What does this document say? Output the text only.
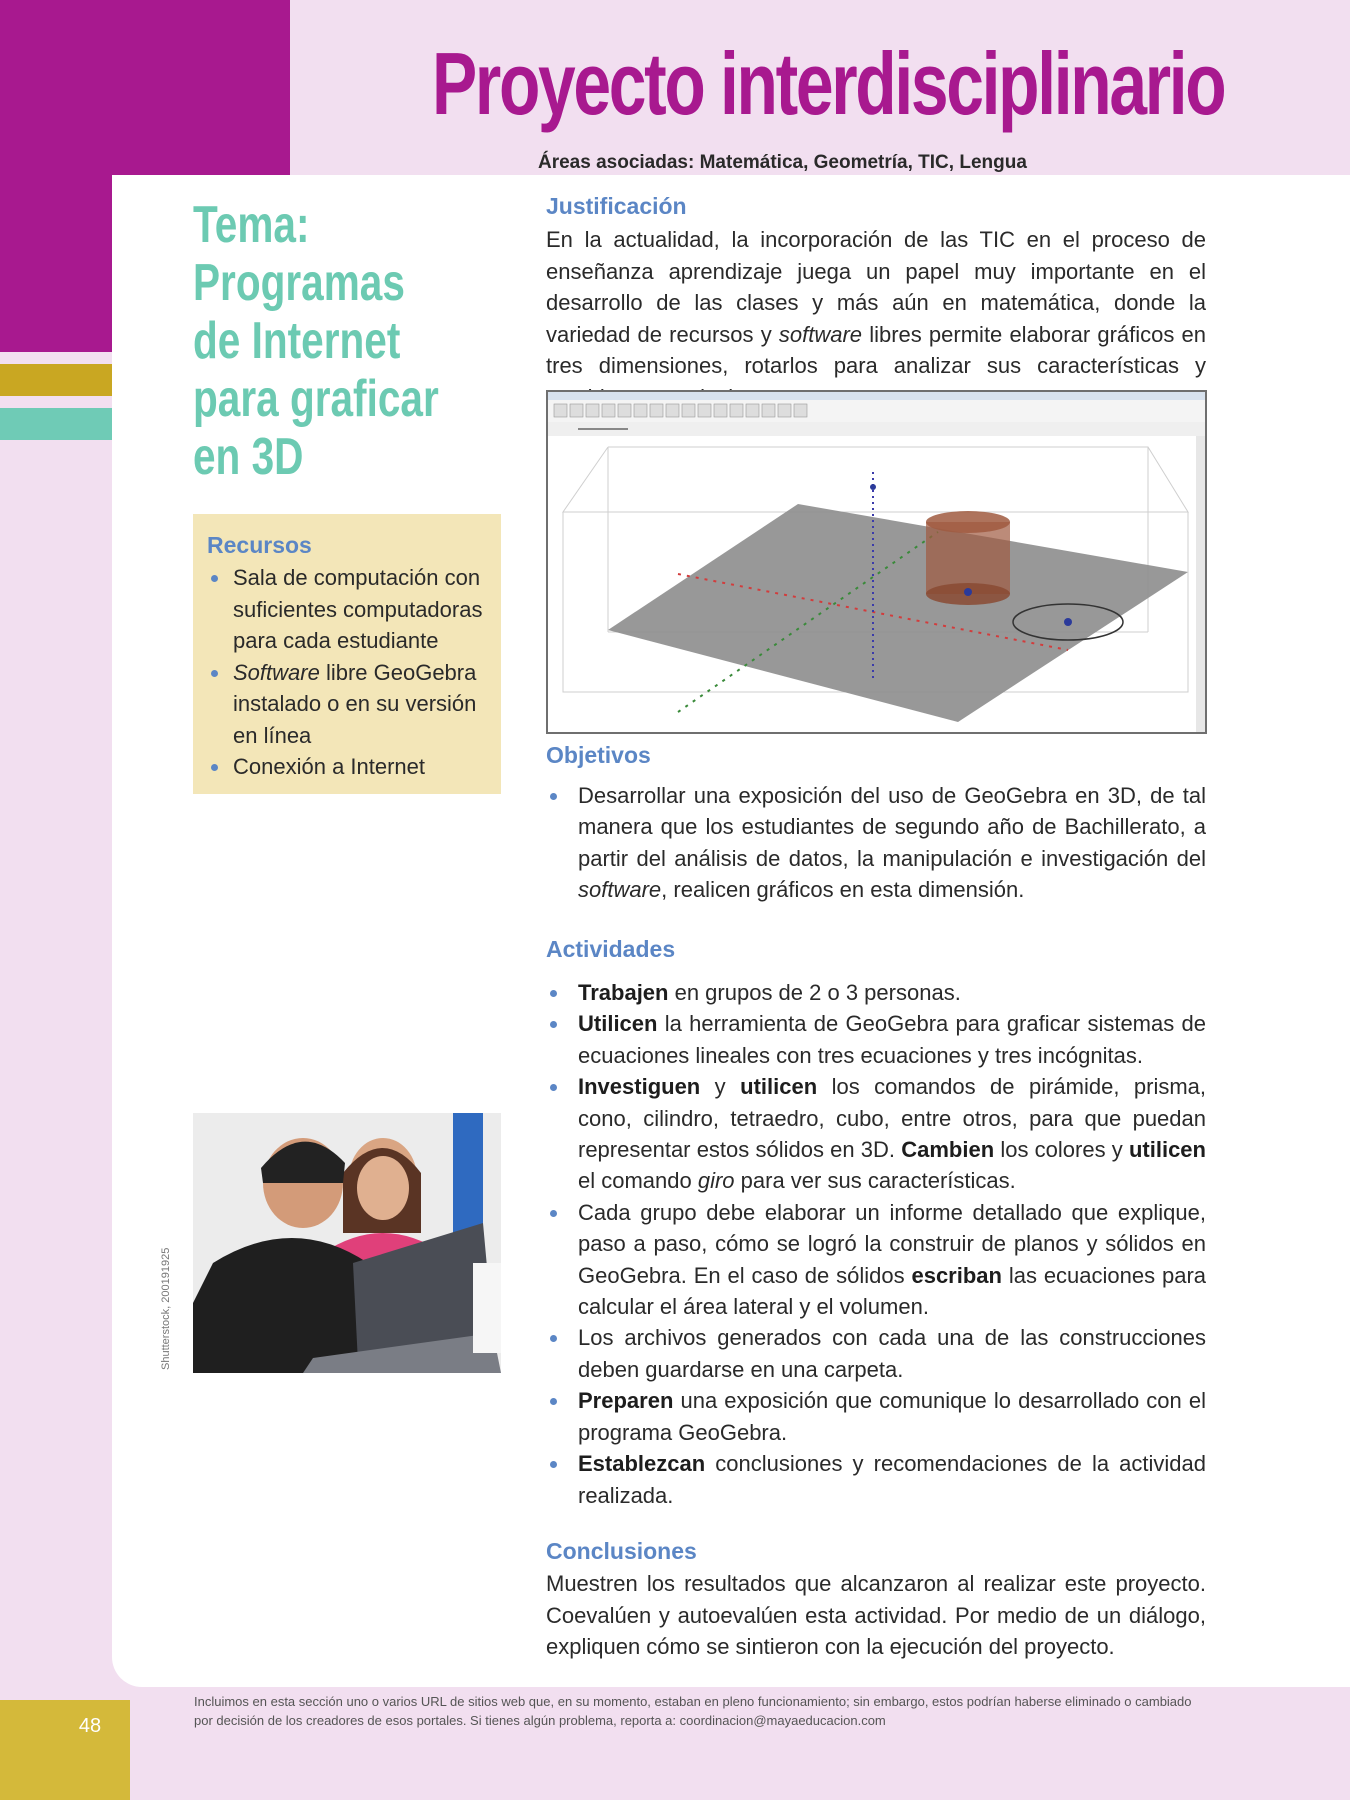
Proyecto interdisciplinario

Áreas asociadas: Matemática, Geometría, TIC, Lengua

Tema: Programas de Internet para graficar en 3D
Justificación

En la actualidad, la incorporación de las TIC en el proceso de enseñanza aprendizaje juega un papel muy importante en el desarrollo de las clases y más aún en matemática, donde la variedad de recursos y software libres permite elaborar gráficos en tres dimensiones, rotarlos para analizar sus características y

Recursos
Sala de computación con suficientes computadoras para cada estudiante
Software libre GeoGebra instalado o en su versión en línea
Conexión a Internet	Objetivos
Desarrollar una exposición del uso de GeoGebra en 3D, de tal manera que los estudiantes de segundo año de Bachillerato, a partir del análisis de datos, la manipulación e investigación del software, realicen gráficos en esta dimensión.
Actividades
Trabajen en grupos de 2 o 3 personas.
Utilicen la herramienta de GeoGebra para graficar sistemas de ecuaciones lineales con tres ecuaciones y tres incógnitas.
Investiguen y utilicen los comandos de pirámide, prisma, cono, cilindro, tetraedro, cubo, entre otros, para que puedan representar estos sólidos en 3D. Cambien los colores y utilicen el comando giro para ver sus características.
Cada grupo debe elaborar un informe detallado que explique, paso a paso, cómo se logró la construir de planos y sólidos en GeoGebra. En el caso de sólidos escriban las ecuaciones para calcular el área lateral y el volumen.
Los archivos generados con cada una de las construcciones deben guardarse en una carpeta.
Preparen una exposición que comunique lo desarrollado con el programa GeoGebra.
Establezcan conclusiones y recomendaciones de la actividad realizada.
Shutterstock, 200191925
Conclusiones

Muestren los resultados que alcanzaron al realizar este proyecto. Coevalúen y autoevalúen esta actividad. Por medio de un diálogo, expliquen cómo se sintieron con la ejecución del proyecto.

Incluimos en esta sección uno o varios URL de sitios web que, en su momento, estaban en pleno funcionamiento; sin embargo, estos podrían haberse eliminado o cambiado por decisión de los creadores de esos portales. Si tienes algún problema, reporta a: coordinacion@mayaeducacion.com

48
